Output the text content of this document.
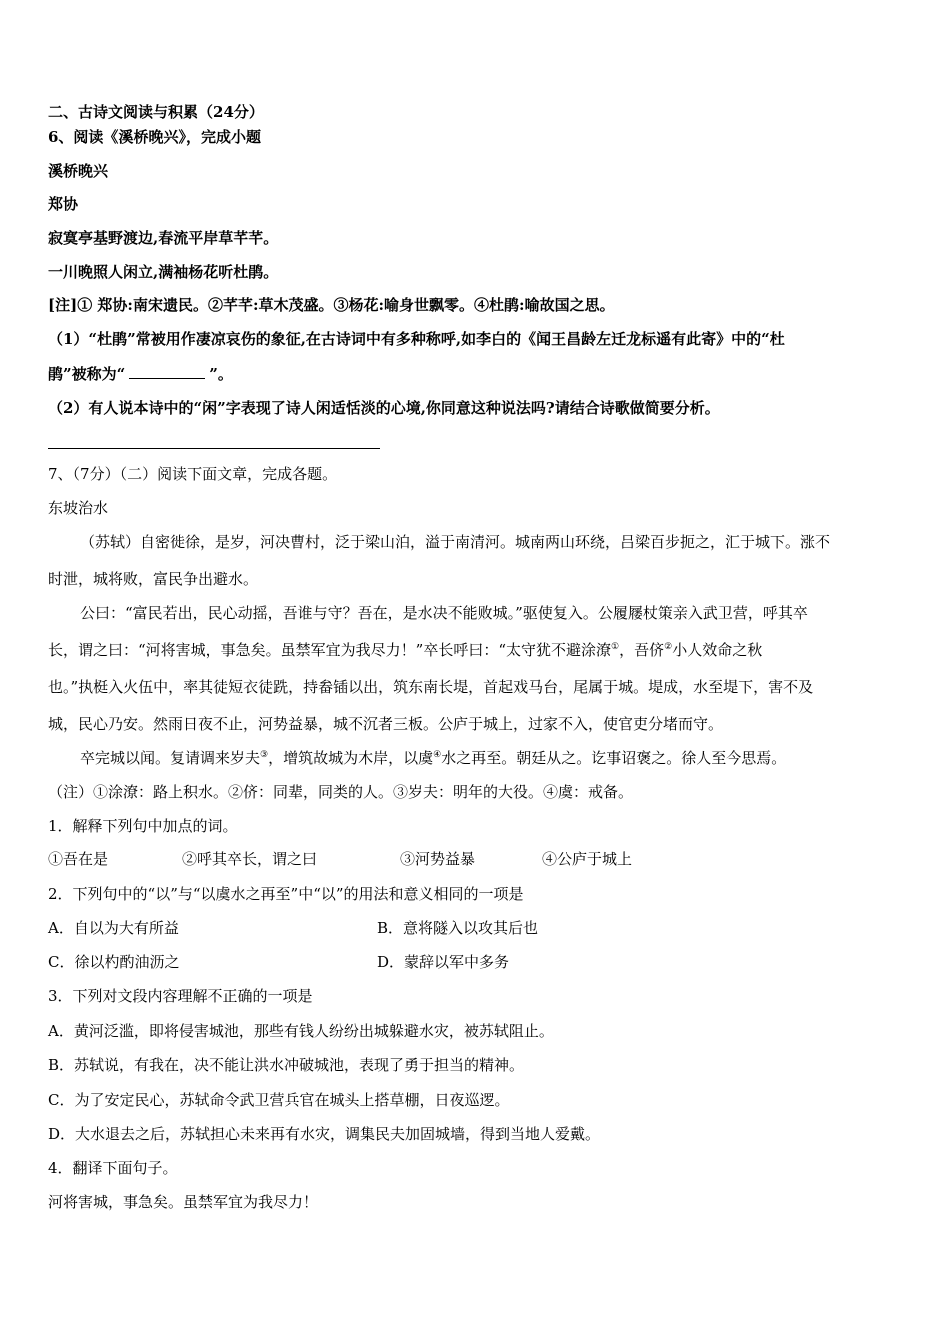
二、古诗文阅读与积累（24分）
6、阅读《溪桥晚兴》，完成小题
溪桥晚兴
郑协
寂寞亭基野渡边,春流平岸草芊芊。
一川晚照人闲立,满袖杨花听杜鹃。
[注]① 郑协:南宋遗民。②芊芊:草木茂盛。③杨花:喻身世飘零。④杜鹃:喻故国之思。
（1）“杜鹃”常被用作凄凉哀伤的象征,在古诗词中有多种称呼,如李白的《闻王昌龄左迁龙标遥有此寄》中的“杜
鹃”被称为“	”。
（2）有人说本诗中的“闲”字表现了诗人闲适恬淡的心境,你同意这种说法吗?请结合诗歌做简要分析。
7、（7分）（二）阅读下面文章，完成各题。
东坡治水
（苏轼）自密徙徐，是岁，河决曹村，泛于梁山泊，溢于南清河。城南两山环绕，吕梁百步扼之，汇于城下。涨不
时泄，城将败，富民争出避水。
公曰：“富民若出，民心动摇，吾谁与守？吾在，是水决不能败城。”驱使复入。公履屦杖策亲入武卫营，呼其卒
长，谓之曰：“河将害城，事急矣。虽禁军宜为我尽力！”卒长呼曰：“太守犹不避涂潦①，吾侪②小人效命之秋
也。”执梃入火伍中，率其徒短衣徒跣，持畚锸以出，筑东南长堤，首起戏马台，尾属于城。堤成，水至堤下，害不及
城，民心乃安。然雨日夜不止，河势益暴，城不沉者三板。公庐于城上，过家不入，使官吏分堵而守。
卒完城以闻。复请调来岁夫③，增筑故城为木岸，以虞④水之再至。朝廷从之。讫事诏褒之。徐人至今思焉。
（注）①涂潦：路上积水。②侪：同辈，同类的人。③岁夫：明年的大役。④虞：戒备。
1．解释下列句中加点的词。
①吾在是	②呼其卒长，谓之曰	③河势益暴	④公庐于城上
2．下列句中的“以”与“以虞水之再至”中“以”的用法和意义相同的一项是
A．自以为大有所益	B．意将隧入以攻其后也
C．徐以杓酌油沥之	D．蒙辞以军中多务
3．下列对文段内容理解不正确的一项是
A．黄河泛滥，即将侵害城池，那些有钱人纷纷出城躲避水灾，被苏轼阻止。
B．苏轼说，有我在，决不能让洪水冲破城池，表现了勇于担当的精神。
C．为了安定民心，苏轼命令武卫营兵官在城头上搭草棚，日夜巡逻。
D．大水退去之后，苏轼担心未来再有水灾，调集民夫加固城墙，得到当地人爱戴。
4．翻译下面句子。
河将害城，事急矣。虽禁军宜为我尽力！
